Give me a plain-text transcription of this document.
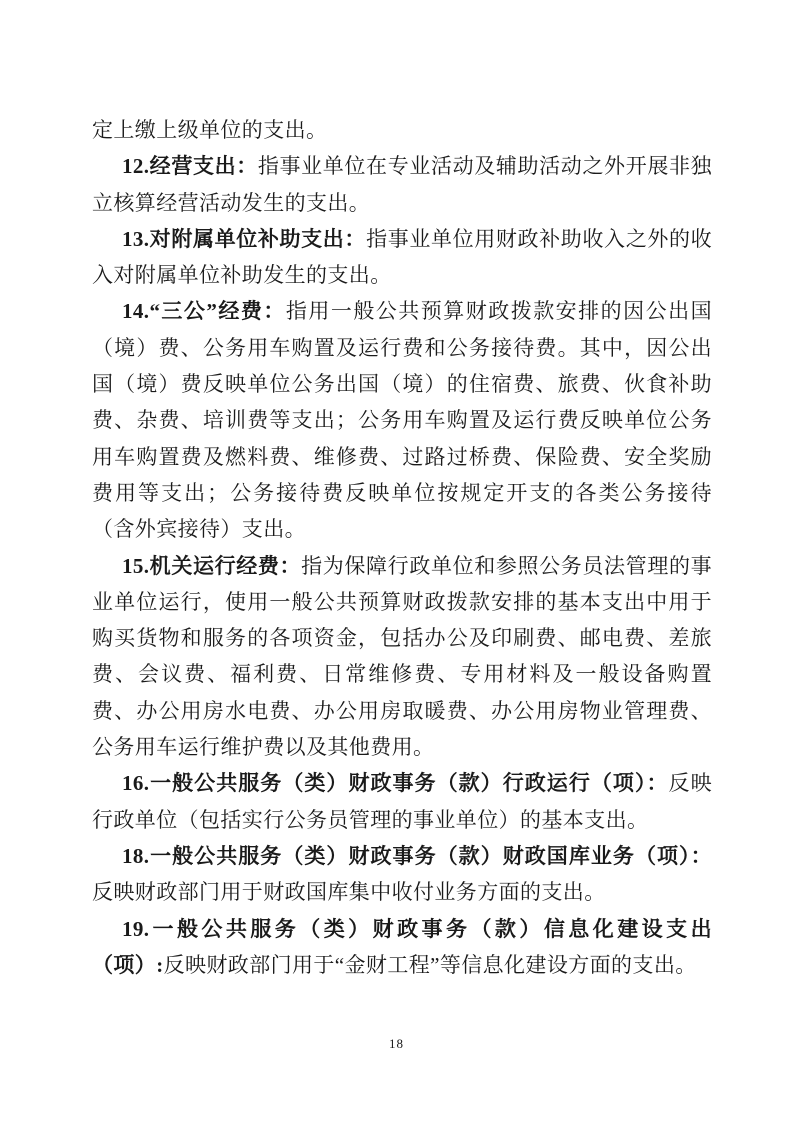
定上缴上级单位的支出。

12.经营支出：指事业单位在专业活动及辅助活动之外开展非独立核算经营活动发生的支出。

13.对附属单位补助支出：指事业单位用财政补助收入之外的收入对附属单位补助发生的支出。

14.“三公”经费：指用一般公共预算财政拨款安排的因公出国（境）费、公务用车购置及运行费和公务接待费。其中，因公出国（境）费反映单位公务出国（境）的住宿费、旅费、伙食补助费、杂费、培训费等支出；公务用车购置及运行费反映单位公务用车购置费及燃料费、维修费、过路过桥费、保险费、安全奖励费用等支出；公务接待费反映单位按规定开支的各类公务接待（含外宾接待）支出。

15.机关运行经费：指为保障行政单位和参照公务员法管理的事业单位运行，使用一般公共预算财政拨款安排的基本支出中用于购买货物和服务的各项资金，包括办公及印刷费、邮电费、差旅费、会议费、福利费、日常维修费、专用材料及一般设备购置费、办公用房水电费、办公用房取暖费、办公用房物业管理费、公务用车运行维护费以及其他费用。

16.一般公共服务（类）财政事务（款）行政运行（项）：反映行政单位（包括实行公务员管理的事业单位）的基本支出。

18.一般公共服务（类）财政事务（款）财政国库业务（项）：反映财政部门用于财政国库集中收付业务方面的支出。

19.一般公共服务（类）财政事务（款）信息化建设支出（项）:反映财政部门用于“金财工程”等信息化建设方面的支出。

18
